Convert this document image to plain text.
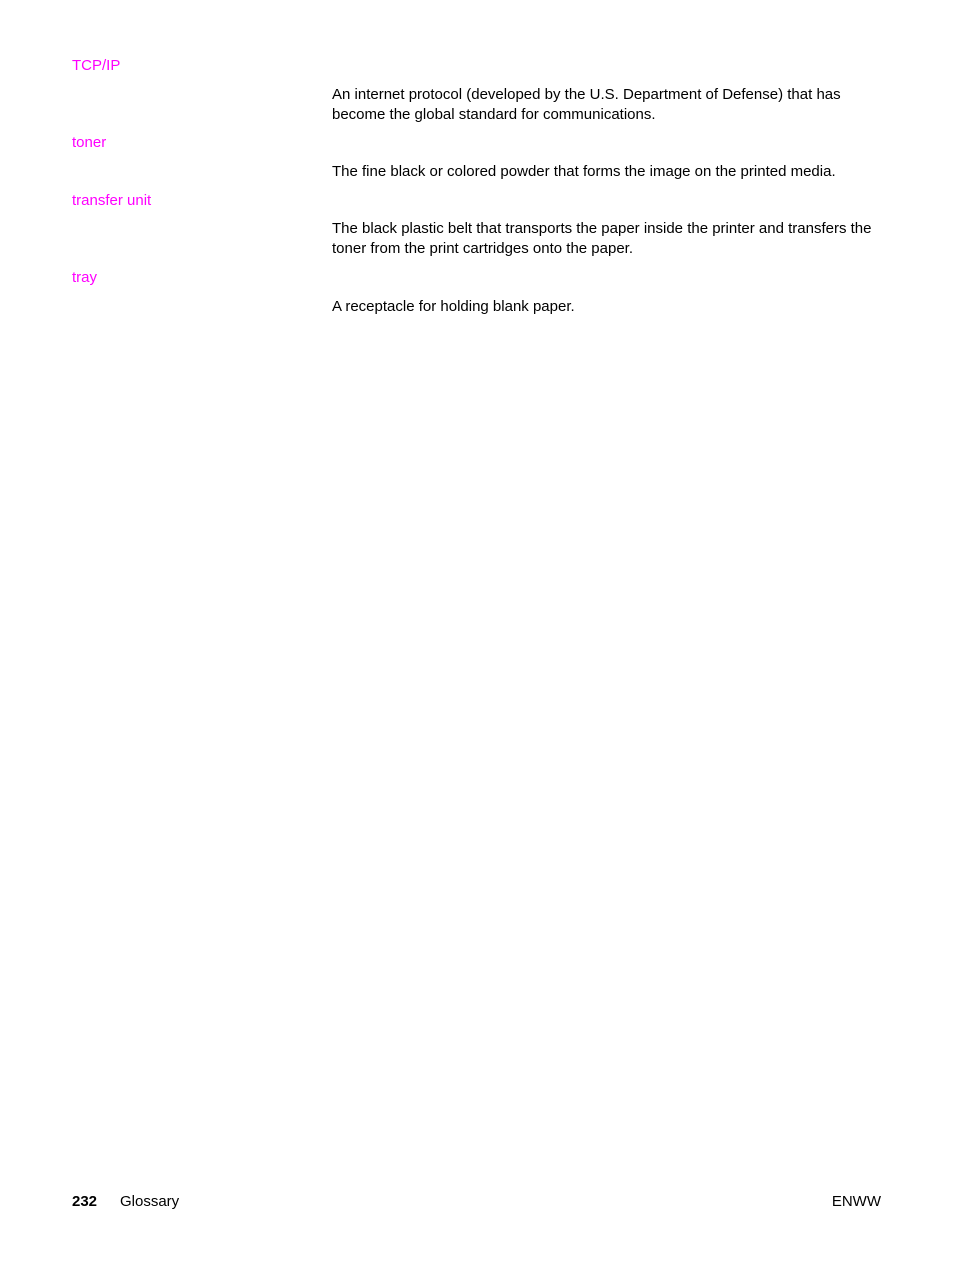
TCP/IP
An internet protocol (developed by the U.S. Department of Defense) that has become the global standard for communications.
toner
The fine black or colored powder that forms the image on the printed media.
transfer unit
The black plastic belt that transports the paper inside the printer and transfers the toner from the print cartridges onto the paper.
tray
A receptacle for holding blank paper.
232 Glossary	ENWW
